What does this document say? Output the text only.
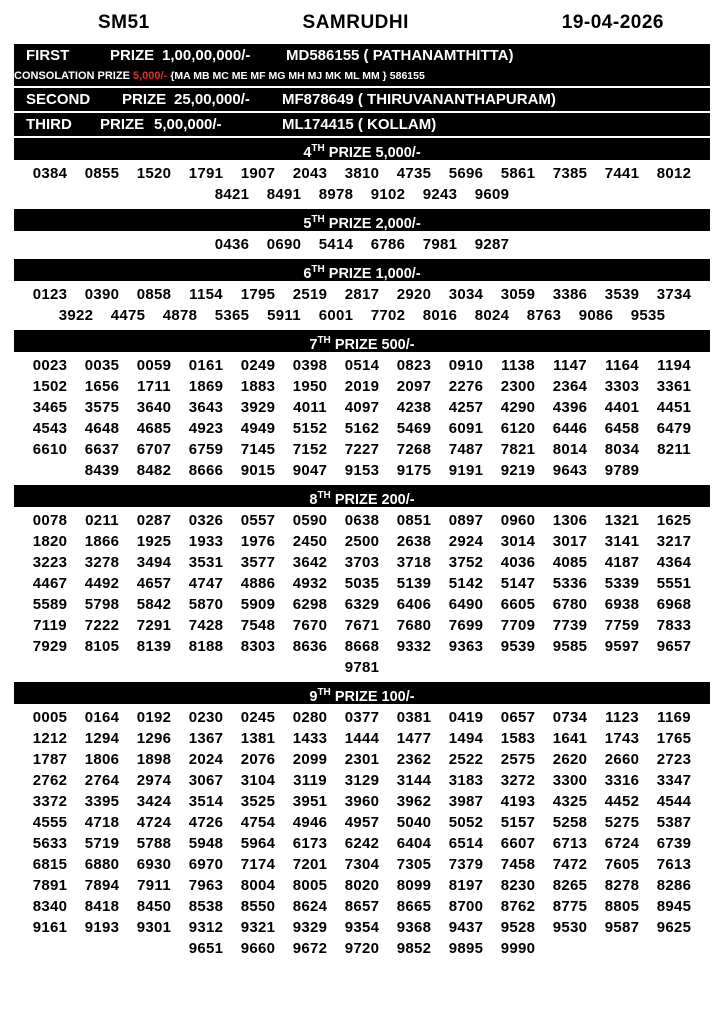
SM51	SAMRUDHI	19-04-2026
FIRST	PRIZE 1,00,00,000/- MD586155 ( PATHANAMTHITTA)
CONSOLATION PRIZE 5,000/- {MA MB MC ME MF MG MH MJ MK ML MM } 586155
SECOND PRIZE 25,00,000/- MF878649 ( THIRUVANANTHAPURAM)
THIRD PRIZE 5,00,000/-	ML174415 ( KOLLAM)
4TH PRIZE 5,000/-
0384	0855	1520	1791	1907	2043	3810	4735	5696	5861	7385	7441	8012
8421	8491	8978	9102	9243	9609
5TH PRIZE 2,000/-
0436	0690	5414	6786	7981	9287
6TH PRIZE 1,000/-
0123	0390	0858	1154	1795	2519	2817	2920	3034	3059	3386	3539	3734
3922	4475	4878	5365	5911	6001	7702	8016	8024	8763	9086	9535
7TH PRIZE 500/-
0023	0035	0059	0161	0249	0398	0514	0823	0910	1138	1147	1164	1194
1502	1656	1711	1869	1883	1950	2019	2097	2276	2300	2364	3303	3361
3465	3575	3640	3643	3929	4011	4097	4238	4257	4290	4396	4401	4451
4543	4648	4685	4923	4949	5152	5162	5469	6091	6120	6446	6458	6479
6610	6637	6707	6759	7145	7152	7227	7268	7487	7821	8014	8034	8211
8439	8482	8666	9015	9047	9153	9175	9191	9219	9643	9789
8TH PRIZE 200/-
0078	0211	0287	0326	0557	0590	0638	0851	0897	0960	1306	1321	1625
1820	1866	1925	1933	1976	2450	2500	2638	2924	3014	3017	3141	3217
3223	3278	3494	3531	3577	3642	3703	3718	3752	4036	4085	4187	4364
4467	4492	4657	4747	4886	4932	5035	5139	5142	5147	5336	5339	5551
5589	5798	5842	5870	5909	6298	6329	6406	6490	6605	6780	6938	6968
7119	7222	7291	7428	7548	7670	7671	7680	7699	7709	7739	7759	7833
7929	8105	8139	8188	8303	8636	8668	9332	9363	9539	9585	9597	9657
9781
9TH PRIZE 100/-
0005	0164	0192	0230	0245	0280	0377	0381	0419	0657	0734	1123	1169
1212	1294	1296	1367	1381	1433	1444	1477	1494	1583	1641	1743	1765
1787	1806	1898	2024	2076	2099	2301	2362	2522	2575	2620	2660	2723
2762	2764	2974	3067	3104	3119	3129	3144	3183	3272	3300	3316	3347
3372	3395	3424	3514	3525	3951	3960	3962	3987	4193	4325	4452	4544
4555	4718	4724	4726	4754	4946	4957	5040	5052	5157	5258	5275	5387
5633	5719	5788	5948	5964	6173	6242	6404	6514	6607	6713	6724	6739
6815	6880	6930	6970	7174	7201	7304	7305	7379	7458	7472	7605	7613
7891	7894	7911	7963	8004	8005	8020	8099	8197	8230	8265	8278	8286
8340	8418	8450	8538	8550	8624	8657	8665	8700	8762	8775	8805	8945
9161	9193	9301	9312	9321	9329	9354	9368	9437	9528	9530	9587	9625
9651	9660	9672	9720	9852	9895	9990
